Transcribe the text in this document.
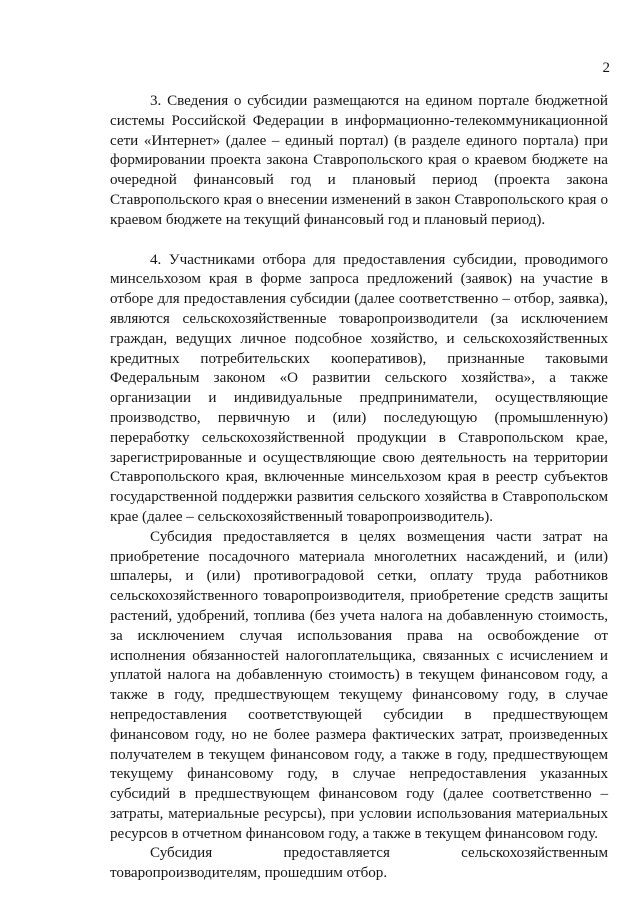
2

3. Сведения о субсидии размещаются на едином портале бюджетной системы Российской Федерации в информационно-телекоммуникационной сети «Интернет» (далее – единый портал) (в разделе единого портала) при формировании проекта закона Ставропольского края о краевом бюджете на очередной финансовый год и плановый период (проекта закона Ставропольского края о внесении изменений в закон Ставропольского края о краевом бюджете на текущий финансовый год и плановый период).

4. Участниками отбора для предоставления субсидии, проводимого минсельхозом края в форме запроса предложений (заявок) на участие в отборе для предоставления субсидии (далее соответственно – отбор, заявка), являются сельскохозяйственные товаропроизводители (за исключением граждан, ведущих личное подсобное хозяйство, и сельскохозяйственных кредитных потребительских кооперативов), признанные таковыми Федеральным законом «О развитии сельского хозяйства», а также организации и индивидуальные предприниматели, осуществляющие производство, первичную и (или) последующую (промышленную) переработку сельскохозяйственной продукции в Ставропольском крае, зарегистрированные и осуществляющие свою деятельность на территории Ставропольского края, включенные минсельхозом края в реестр субъектов государственной поддержки развития сельского хозяйства в Ставропольском крае (далее – сельскохозяйственный товаропроизводитель).

Субсидия предоставляется в целях возмещения части затрат на приобретение посадочного материала многолетних насаждений, и (или) шпалеры, и (или) противоградовой сетки, оплату труда работников сельскохозяйственного товаропроизводителя, приобретение средств защиты растений, удобрений, топлива (без учета налога на добавленную стоимость, за исключением случая использования права на освобождение от исполнения обязанностей налогоплательщика, связанных с исчислением и уплатой налога на добавленную стоимость) в текущем финансовом году, а также в году, предшествующем текущему финансовому году, в случае непредоставления соответствующей субсидии в предшествующем финансовом году, но не более размера фактических затрат, произведенных получателем в текущем финансовом году, а также в году, предшествующем текущему финансовому году, в случае непредоставления указанных субсидий в предшествующем финансовом году (далее соответственно – затраты, материальные ресурсы), при условии использования материальных ресурсов в отчетном финансовом году, а также в текущем финансовом году.

Субсидия предоставляется сельскохозяйственным товаропроизводителям, прошедшим отбор.
